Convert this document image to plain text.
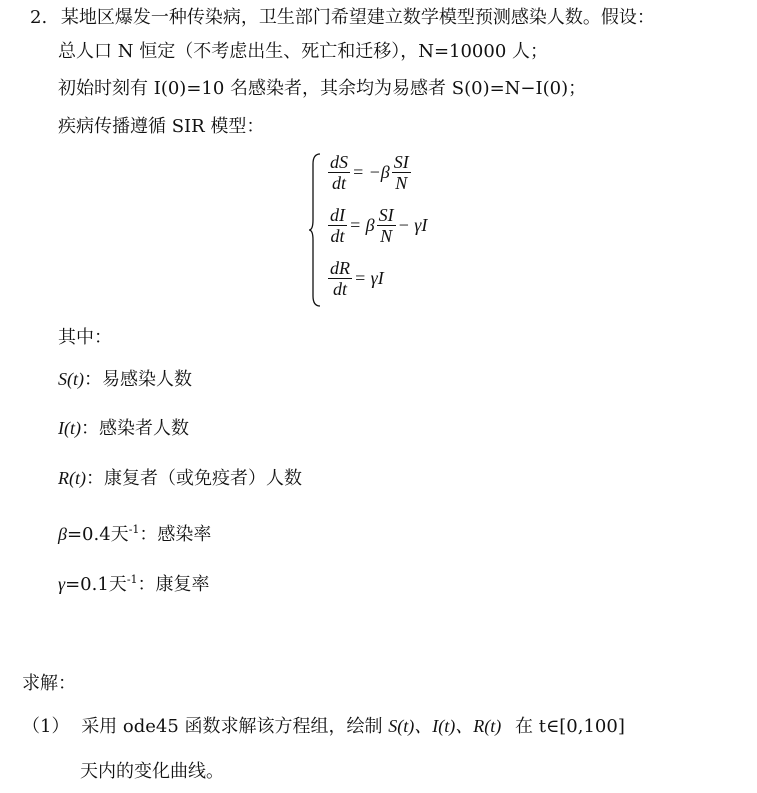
2. 某地区爆发一种传染病，卫生部门希望建立数学模型预测感染人数。假设：
总人口 N 恒定（不考虑出生、死亡和迁移），N=10000 人；
初始时刻有 I(0)=10 名感染者，其余均为易感者 S(0)=N−I(0)；
疾病传播遵循 SIR 模型：
$\frac{dS}{dt} = -\beta \frac{SI}{N}$
$\frac{dI}{dt} = \beta \frac{SI}{N} - \gamma I$
$\frac{dR}{dt} = \gamma I$
其中：
S(t)：易感染人数
I(t)：感染者人数
R(t)：康复者（或免疫者）人数
β=0.4天$^{-1}$：感染率
γ=0.1天$^{-1}$：康复率
求解：
（1） 采用 ode45 函数求解该方程组，绘制 S(t)、I(t)、R(t) 在 t∈[0,100]
天内的变化曲线。
